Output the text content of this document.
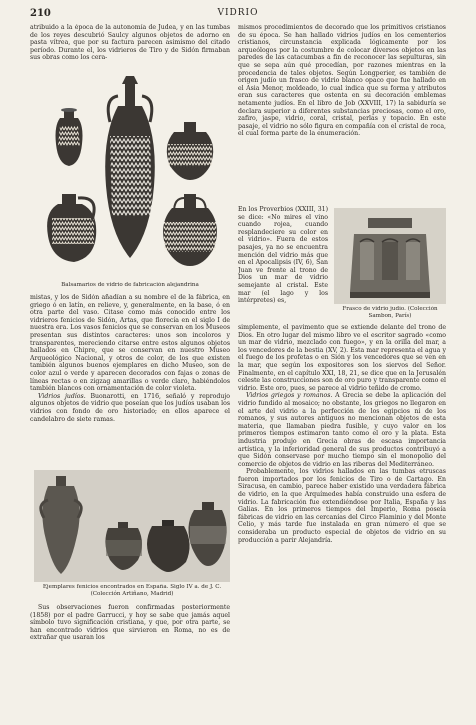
210	VIDRIO

atribuido a la época de la autonomía de Judea, y en las tumbas de los reyes descubrió Saulcy algunos objetos de adorno en pasta vítrea, que por su factura parecen asimismo del citado período. Durante el, los vidrieros de Tiro y de Sidón firmaban sus obras como los cera-

Balsamarios de vidrio de fabricación alejandrina

mistas, y los de Sidón añadían a su nombre el de la fábrica, en griego ó en latín, en relieve, y, generalmente, en la base, ó en otra parte del vaso. Citase como más conocido entre los vidrieros fenicios de Sidón, Artas, que florecía en el siglo I de nuestra era. Los vasos fenicios que se conservan en los Museos presentan sus distintos caracteres: unos son incoloros y transparentes, mereciendo citarse entre estos algunos objetos hallados en Chipre, que se conservan en nuestro Museo Arqueológico Nacional, y otros de color, de los que existen también algunos buenos ejemplares en dicho Museo, son de color azul o verde y aparecen decorados con fajas o zonas de líneas rectas o en zigzag amarillas o verde claro, habiéndolos también blancos con ornamentación de color violeta.

Vidrios judíos. Buonarotti, en 1716, señaló y reprodujo algunos objetos de vidrio que poseían que los judíos usaban los vidrios con fondo de oro historiado; en ellos aparece el candelabro de siete ramas.

Frasco de vidrio judío. (Colección Sambon, París)

mismos procedimientos de decorado que los primitivos cristianos de su época. Se han hallado vidrios judíos en los cementerios cristianos, circunstancia explicada lógicamente por los arqueólogos por la costumbre de colocar diversos objetos en las paredes de las catacumbas a fin de reconocer las sepulturas, sin que se sepa aún qué procedían, por razones mientras en la procedencia de tales objetos. Según Longperier, es también de origen judío un frasco de vidrio blanco opaco que fue hallado en el Asia Menor, moldeado, lo cual indica que su forma y atributos eran sus caracteres que ostenta en su decoración emblemas netamente judíos. En el libro de Job (XXVIII, 17) la sabiduría se declara superior a diferentes substancias preciosas, como el oro, zafiro, jaspe, vidrio, coral, cristal, perlas y topacio. En este pasaje, el vidrio no sólo figura en compañía con el cristal de roca, el cual forma parte de la enumeración.

En los Proverbios (XXIII, 31) se dice: «No mires el vino cuando rojea, cuando resplandeciere su color en el vidrio». Fuera de estos pasajes, ya no se encuentra mención del vidrio más que en el Apocalipsis (IV, 6), San Juan ve frente al trono de Dios un mar de vidrio semejante al cristal. Este mar (el lago y los intérpretes) es,

simplemente, el pavimento que se extiende delante del trono de Dios. En otro lugar del mismo libro ve el escritor sagrado «como un mar de vidrio, mezclado con fuego», y en la orilla del mar, a los vencedores de la bestia (XV, 2). Esta mar representa el agua y el fuego de los profetas o en Sión y los vencedores que se ven en la mar, que según los expositores son los siervos del Señor. Finalmente, en el capítulo XXI, 18, 21, se dice que en la Jerusalén celeste las construcciones son de oro puro y transparente como el vidrio. Este oro, pues, se parece al vidrio teñido de cromo.

Vidrios griegos y romanos. A Grecia se debe la aplicación del vidrio fundido al mosaico; no obstante, los griegos no llegaron en el arte del vidrio a la perfección de los egipcios ni de los romanos, y sus autores antiguos no mencionan objetos de esta materia, que llamaban piedra fusible, y cuyo valor en los primeros tiempos estimaron tanto como el oro y la plata. Esta industria produjo en Grecia obras de escasa importancia artística, y la inferioridad general de sus productos contribuyó a que Sidón conservase por mucho tiempo sin el monopolio del comercio de objetos de vidrio en las riberas del Mediterráneo.

Probablemente, los vidrios hallados en las tumbas etruscas fueron importados por los fenicios de Tiro o de Cartago. En Siracusa, en cambio, parece haber existido una verdadera fábrica de vidrio, en la que Arquímedes había construido una esfera de vidrio. La fabricación fue extendiéndose por Italia, España y las Galias. En los primeros tiempos del Imperio, Roma poseía fábricas de vidrio en las cercanías del Circo Flaminio y del Monte Celio, y más tarde fue instalada en gran número el que se consideraba un producto especial de objetos de vidrio en su producción a parir Alejandría.

Ejemplares fenicios encontrados en España. Siglo IV a. de J. C. (Colección Artiñano, Madrid)

Sus observaciones fueron confirmadas posteriormente (1858) por el padre Garrucci, y hoy se sabe que jamás aquel símbolo tuvo significación cristiana, y que, por otra parte, se han encontrado vidrios que sirvieron en Roma, no es de extrañar que usaran los
